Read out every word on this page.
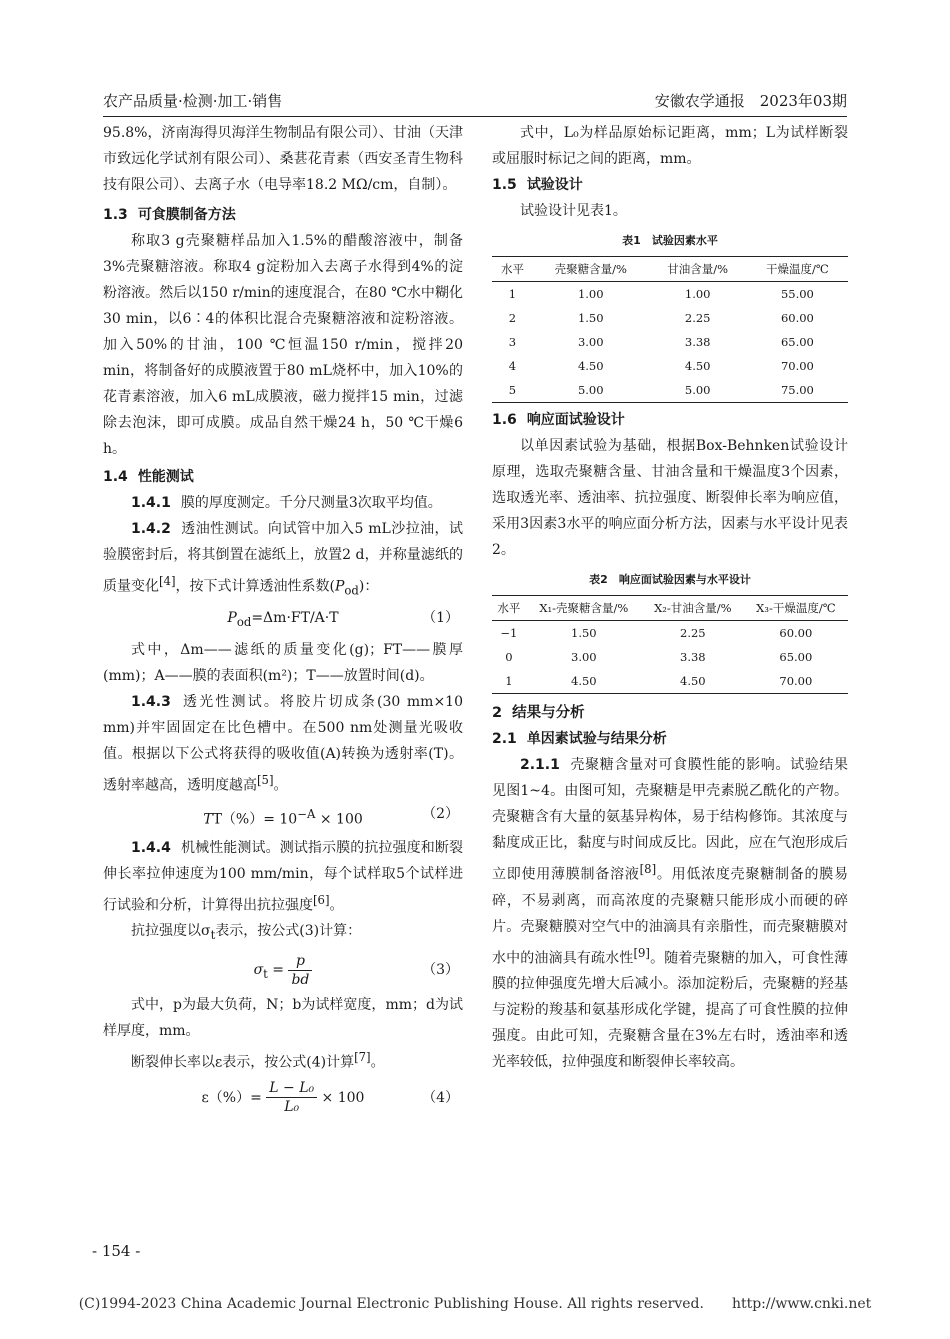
农产品质量·检测·加工·销售	安徽农学通报　2023年03期

95.8%，济南海得贝海洋生物制品有限公司）、甘油（天津市致远化学试剂有限公司）、桑葚花青素（西安圣青生物科技有限公司）、去离子水（电导率18.2 MΩ/cm，自制）。

1.3 可食膜制备方法

称取3 g壳聚糖样品加入1.5%的醋酸溶液中，制备3%壳聚糖溶液。称取4 g淀粉加入去离子水得到4%的淀粉溶液。然后以150 r/min的速度混合，在80 ℃水中糊化30 min，以6∶4的体积比混合壳聚糖溶液和淀粉溶液。加入50%的甘油，100 ℃恒温150 r/min，搅拌20 min，将制备好的成膜液置于80 mL烧杯中，加入10%的花青素溶液，加入6 mL成膜液，磁力搅拌15 min，过滤除去泡沫，即可成膜。成品自然干燥24 h，50 ℃干燥6 h。

1.4 性能测试

1.4.1 膜的厚度测定。千分尺测量3次取平均值。

1.4.2 透油性测试。向试管中加入5 mL沙拉油，试验膜密封后，将其倒置在滤纸上，放置2 d，并称量滤纸的质量变化[4]，按下式计算透油性系数$(P_{od})$：

$P_{od}=\Delta m\cdot FT/A\cdot T$	（1）

式中，Δm——滤纸的质量变化(g)；FT——膜厚(mm)；A——膜的表面积(m²)；T——放置时间(d)。

1.4.3 透光性测试。将胶片切成条(30 mm×10 mm)并牢固固定在比色槽中。在500 nm处测量光吸收值。根据以下公式将获得的吸收值(A)转换为透射率(T)。透射率越高，透明度越高[5]。

$TT(\%)= 10^{-A} \times 100$	（2）

1.4.4 机械性能测试。测试指示膜的抗拉强度和断裂伸长率拉伸速度为100 mm/min，每个试样取5个试样进行试验和分析，计算得出抗拉强度[6]。

抗拉强度以$\sigma_t$表示，按公式(3)计算：

$\sigma_t = \frac{p}{bd}$	（3）

式中，p为最大负荷，N；b为试样宽度，mm；d为试样厚度，mm。

断裂伸长率以ε表示，按公式(4)计算[7]。

$\varepsilon(\%)= \frac{\text{L − L₀}}{\text{L₀}} \times 100$	（4）

式中，L₀为样品原始标记距离，mm；L为试样断裂或屈服时标记之间的距离，mm。

1.5 试验设计

试验设计见表1。

表1　试验因素水平
水平	壳聚糖含量/%	甘油含量/%	干燥温度/℃
1	1.00	1.00	55.00
2	1.50	2.25	60.00
3	3.00	3.38	65.00
4	4.50	4.50	70.00
5	5.00	5.00	75.00

1.6 响应面试验设计

以单因素试验为基础，根据Box-Behnken试验设计原理，选取壳聚糖含量、甘油含量和干燥温度3个因素，选取透光率、透油率、抗拉强度、断裂伸长率为响应值，采用3因素3水平的响应面分析方法，因素与水平设计见表2。

表2　响应面试验因素与水平设计
水平	X₁-壳聚糖含量/%	X₂-甘油含量/%	X₃-干燥温度/℃
−1	1.50	2.25	60.00
0	3.00	3.38	65.00
1	4.50	4.50	70.00

2 结果与分析

2.1 单因素试验与结果分析

2.1.1 壳聚糖含量对可食膜性能的影响。试验结果见图1~4。由图可知，壳聚糖是甲壳素脱乙酰化的产物。壳聚糖含有大量的氨基异构体，易于结构修饰。其浓度与黏度成正比，黏度与时间成反比。因此，应在气泡形成后立即使用薄膜制备溶液[8]。用低浓度壳聚糖制备的膜易碎，不易剥离，而高浓度的壳聚糖只能形成小而硬的碎片。壳聚糖膜对空气中的油滴具有亲脂性，而壳聚糖膜对水中的油滴具有疏水性[9]。随着壳聚糖的加入，可食性薄膜的拉伸强度先增大后减小。添加淀粉后，壳聚糖的羟基与淀粉的羧基和氨基形成化学键，提高了可食性膜的拉伸强度。由此可知，壳聚糖含量在3%左右时，透油率和透光率较低，拉伸强度和断裂伸长率较高。

- 154 -
(C)1994-2023 China Academic Journal Electronic Publishing House. All rights reserved.　　http://www.cnki.net
